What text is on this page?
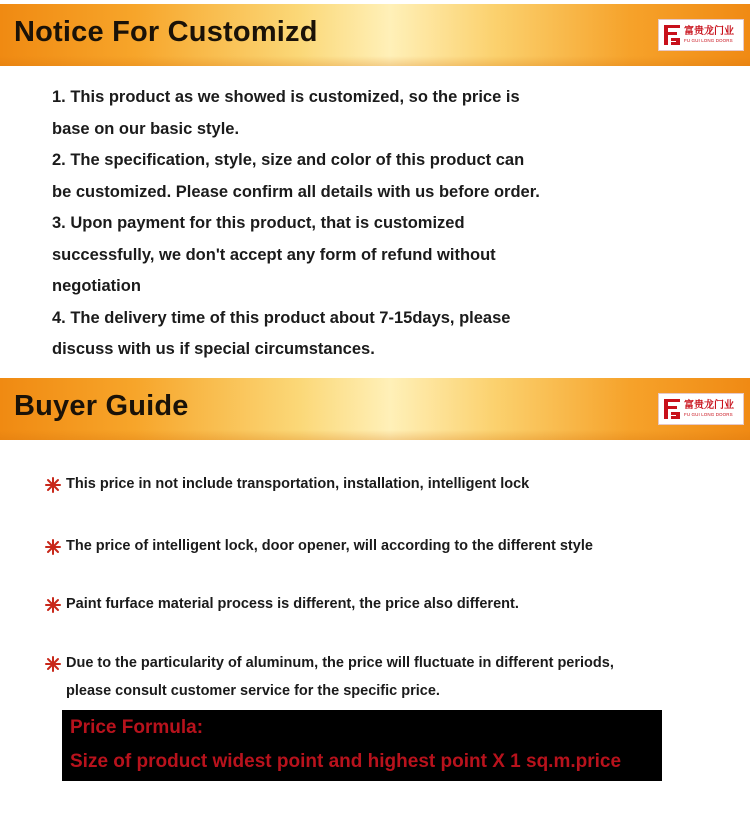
Notice For Customizd	富贵龙门业
FU GUI LONG DOORS

1. This product as we showed is customized, so the price is

base on our basic style.

2. The specification, style, size and color of this product can

be customized. Please confirm all details with us before order.

3. Upon payment for this product, that is customized

successfully, we don't accept any form of refund without

negotiation

4. The delivery time of this product about 7-15days, please

discuss with us if special circumstances.

Buyer Guide	富贵龙门业
FU GUI LONG DOORS
This price in not include transportation, installation, intelligent lock
The price of intelligent lock, door opener, will according to the different style
Paint furface material process is different, the price also different.
Due to the particularity of aluminum, the price will fluctuate in different periods,
please consult customer service for the specific price.
Price Formula:
Size of product widest point and highest point X 1 sq.m.price
